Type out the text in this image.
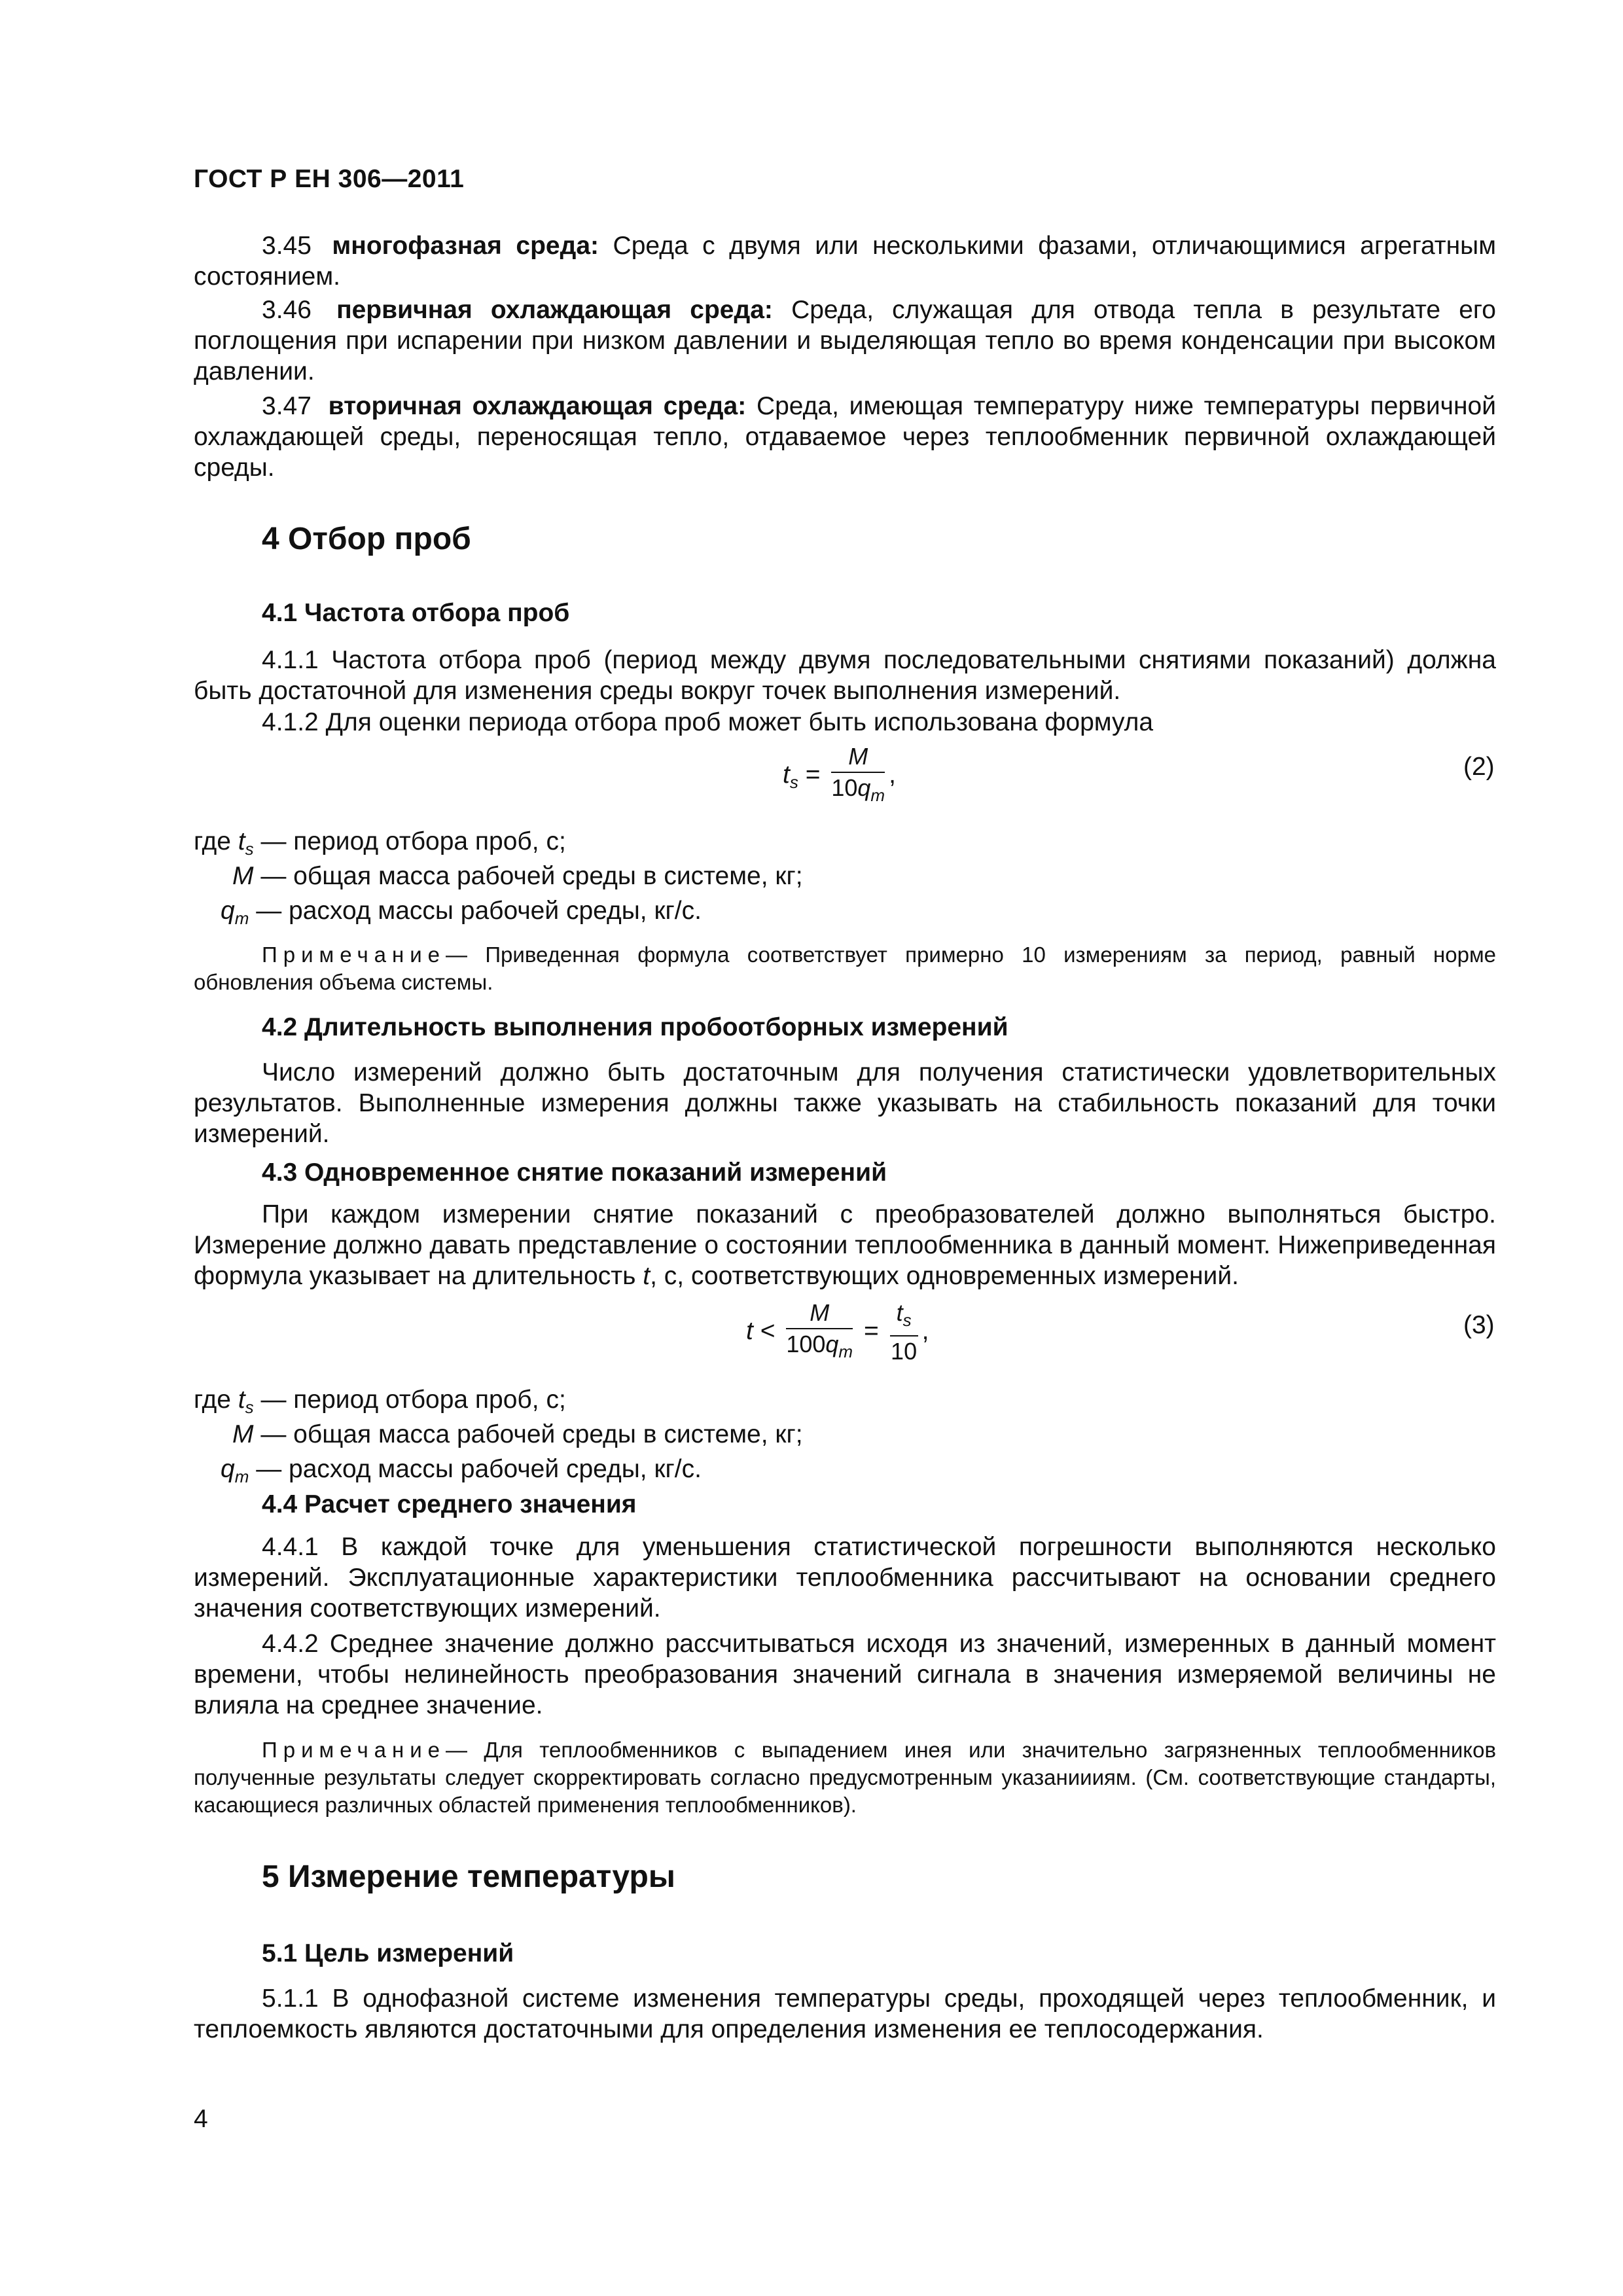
ГОСТ Р ЕН 306—2011

3.45 многофазная среда: Среда с двумя или несколькими фазами, отличающимися агрегатным состоянием.

3.46 первичная охлаждающая среда: Среда, служащая для отвода тепла в результате его поглощения при испарении при низком давлении и выделяющая тепло во время конденсации при высоком давлении.

3.47 вторичная охлаждающая среда: Среда, имеющая температуру ниже температуры первичной охлаждающей среды, переносящая тепло, отдаваемое через теплообменник первичной охлаждающей среды.

4 Отбор проб
4.1 Частота отбора проб

4.1.1 Частота отбора проб (период между двумя последовательными снятиями показаний) должна быть достаточной для изменения среды вокруг точек выполнения измерений.

4.1.2 Для оценки периода отбора проб может быть использована формула

$t_s = \frac{M}{10q_m}$ ,	(2)
где $t_s$ — период отбора проб, с;
M — общая масса рабочей среды в системе, кг;
$q_m$ — расход массы рабочей среды, кг/с.

Примечание— Приведенная формула соответствует примерно 10 измерениям за период, равный норме обновления объема системы.

4.2 Длительность выполнения пробоотборных измерений

Число измерений должно быть достаточным для получения статистически удовлетворительных результатов. Выполненные измерения должны также указывать на стабильность показаний для точки измерений.

4.3 Одновременное снятие показаний измерений

При каждом измерении снятие показаний с преобразователей должно выполняться быстро. Измерение должно давать представление о состоянии теплообменника в данный момент. Нижеприведенная формула указывает на длительность t, с, соответствующих одновременных измерений.

$t < \frac{M}{100q_m} = \frac{t_s}{10}$ ,	(3)
где $t_s$ — период отбора проб, с;
M — общая масса рабочей среды в системе, кг;
$q_m$ — расход массы рабочей среды, кг/с.
4.4 Расчет среднего значения

4.4.1 В каждой точке для уменьшения статистической погрешности выполняются несколько измерений. Эксплуатационные характеристики теплообменника рассчитывают на основании среднего значения соответствующих измерений.

4.4.2 Среднее значение должно рассчитываться исходя из значений, измеренных в данный момент времени, чтобы нелинейность преобразования значений сигнала в значения измеряемой величины не влияла на среднее значение.

Примечание— Для теплообменников с выпадением инея или значительно загрязненных теплообменников полученные результаты следует скорректировать согласно предусмотренным указаниииям. (См. соответствующие стандарты, касающиеся различных областей применения теплообменников).

5 Измерение температуры
5.1 Цель измерений

5.1.1 В однофазной системе изменения температуры среды, проходящей через теплообменник, и теплоемкость являются достаточными для определения изменения ее теплосодержания.

4
